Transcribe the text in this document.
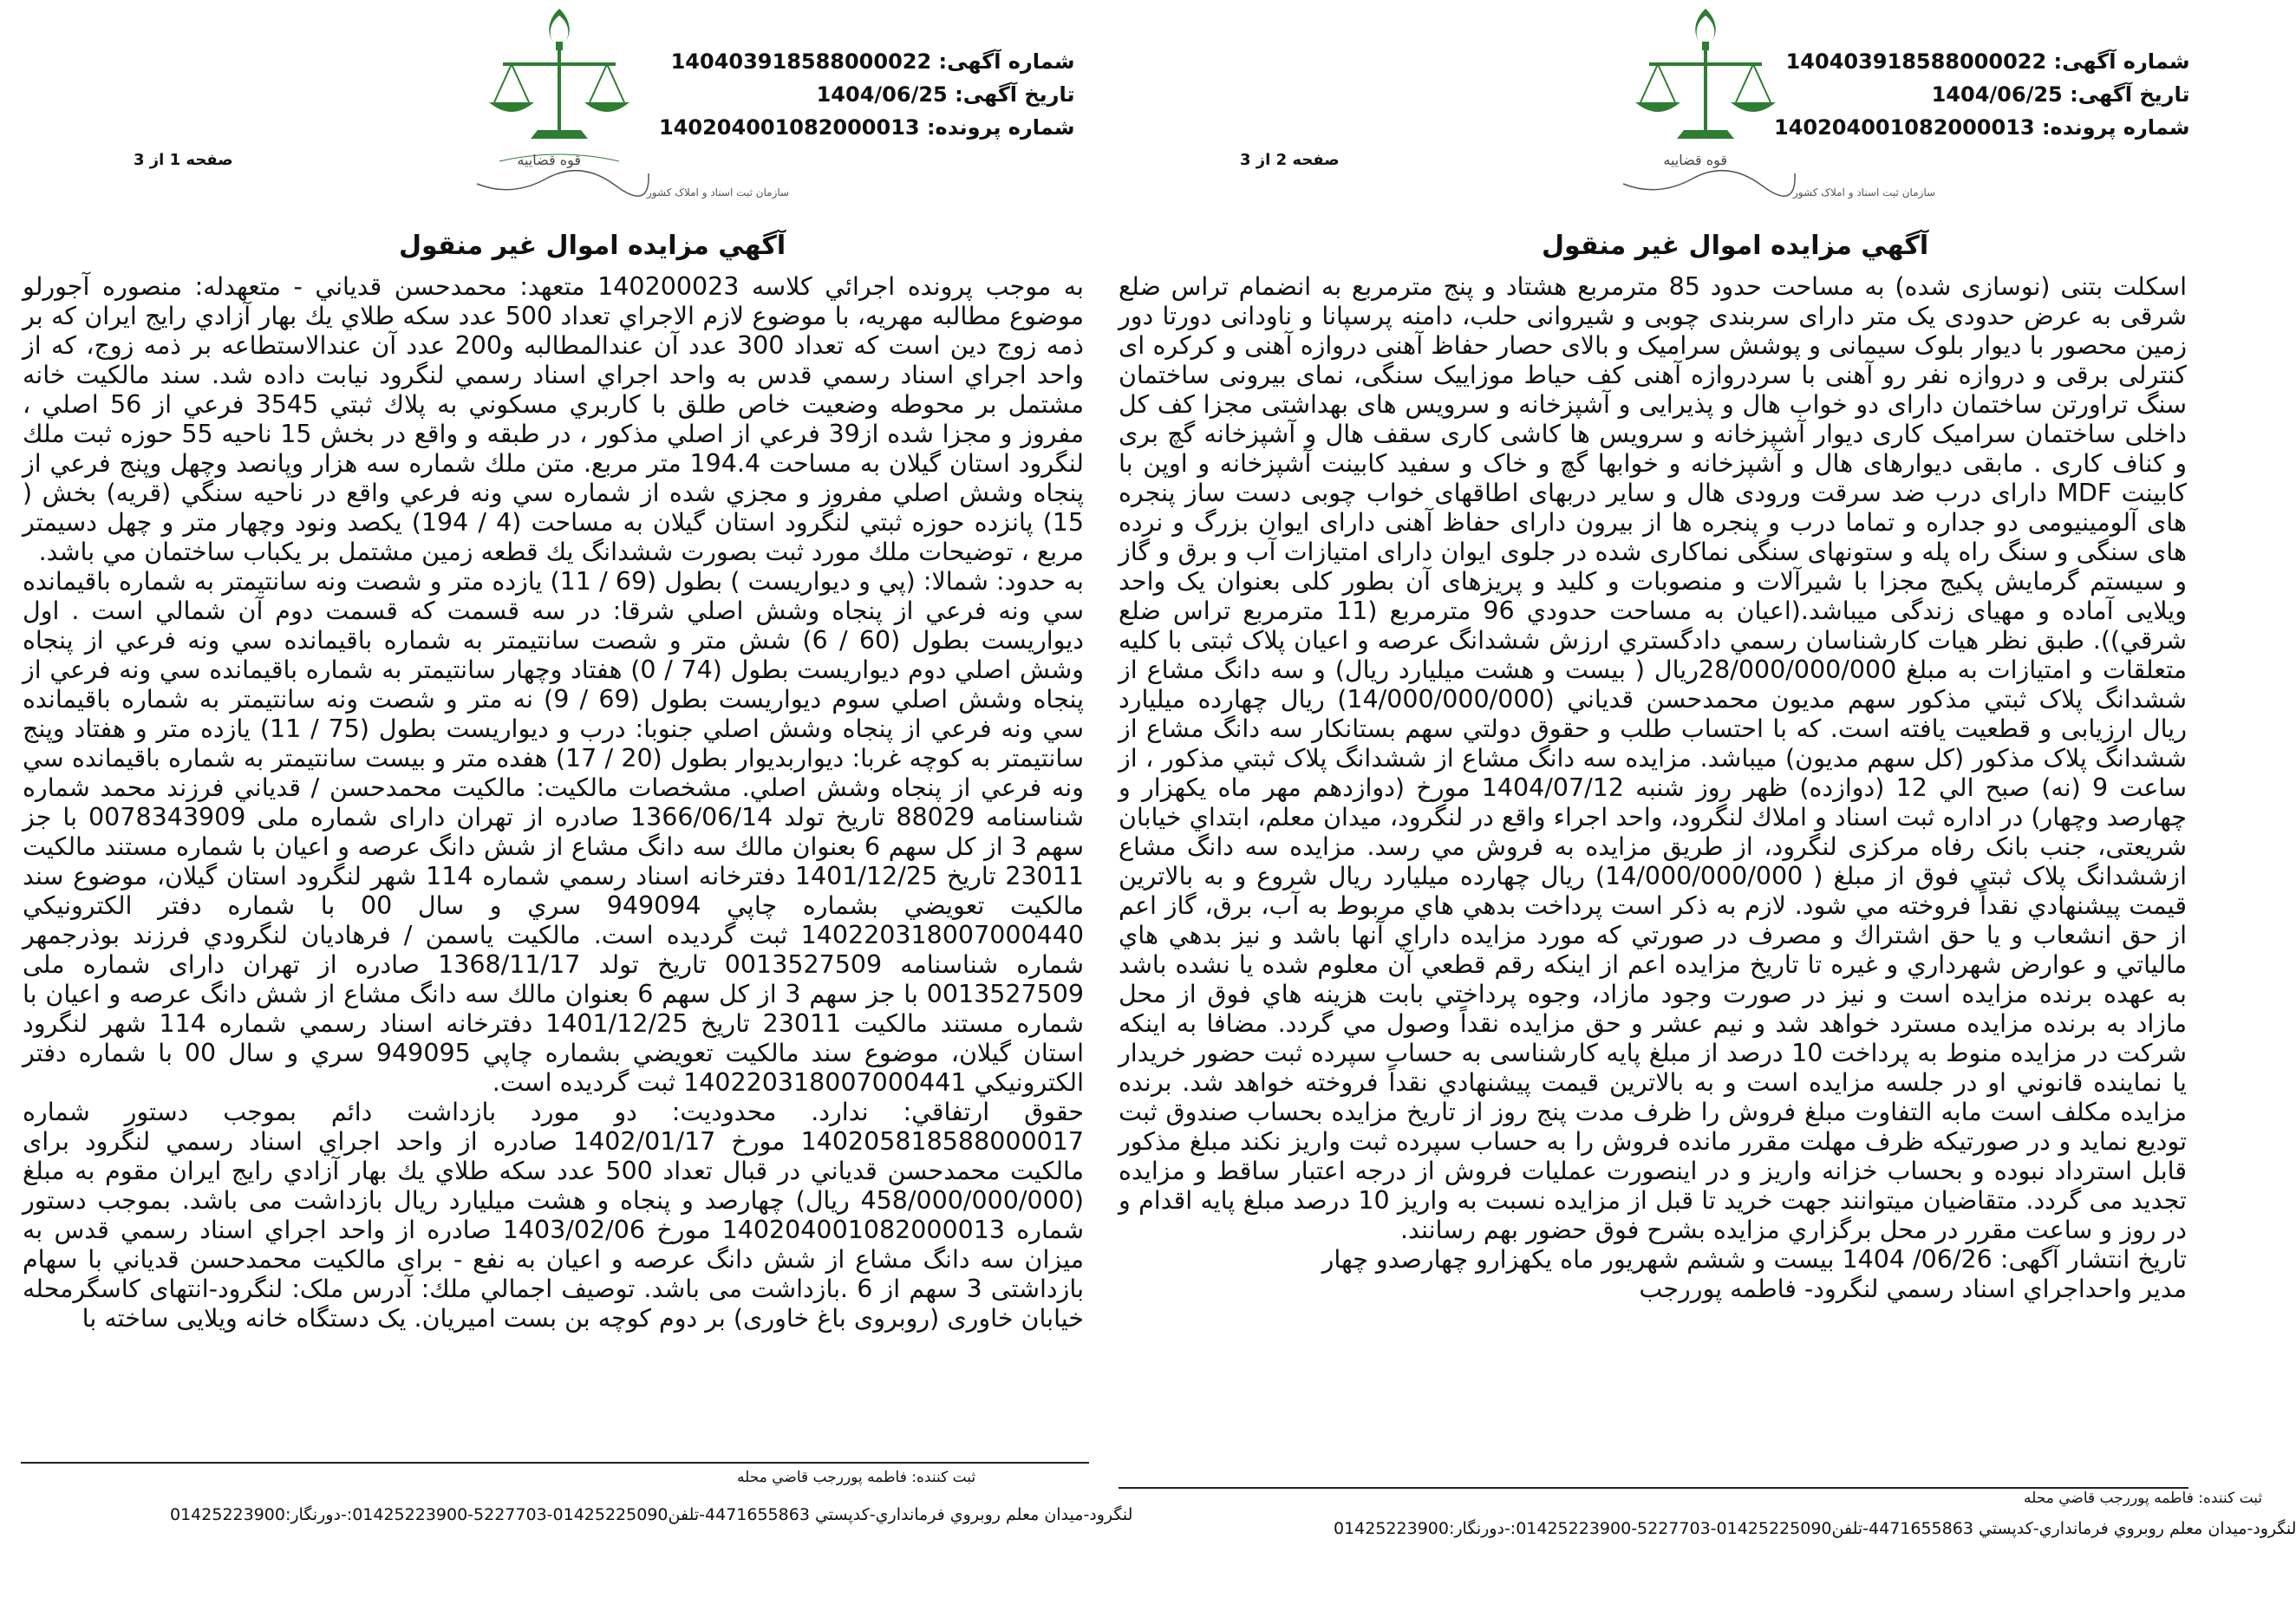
شماره آگهی: 140403918588000022
تاریخ آگهی: 1404/06/25
شماره پرونده: 140204001082000013
قوه قضاییه
سازمان ثبت اسناد و املاک کشور
صفحه 1 از 3
آگهي مزايده اموال غير منقول

به موجب پرونده اجرائي كلاسه 140200023 متعهد: محمدحسن قدياني - متعهدله: منصوره آجورلو موضوع مطالبه مهريه، با موضوع لازم الاجراي تعداد 500 عدد سكه طلاي يك بهار آزادي رايج ايران كه بر ذمه زوج دين است كه تعداد 300 عدد آن عندالمطالبه و200 عدد آن عندالاستطاعه بر ذمه زوج، كه از واحد اجراي اسناد رسمي قدس به واحد اجراي اسناد رسمي لنگرود نيابت داده شد. سند مالكيت خانه مشتمل بر محوطه وضعيت خاص طلق با كاربري مسكوني به پلاك ثبتي 3545 فرعي از 56 اصلي ، مفروز و مجزا شده از39 فرعي از اصلي مذكور ، در طبقه و واقع در بخش 15 ناحيه 55 حوزه ثبت ملك لنگرود استان گيلان به مساحت 194.4 متر مربع. متن ملك شماره سه هزار وپانصد وچهل وپنج فرعي از پنجاه وشش اصلي مفروز و مجزي شده از شماره سي ونه فرعي واقع در ناحيه سنگي (قريه) بخش ( 15) پانزده حوزه ثبتي لنگرود استان گيلان به مساحت (4 / 194) يكصد ونود وچهار متر و چهل دسيمتر مربع ، توضيحات ملك مورد ثبت بصورت ششدانگ يك قطعه زمين مشتمل بر يكباب ساختمان مي باشد.

به حدود: شمالا: (پي و ديواريست ) بطول (69 / 11) يازده متر و شصت ونه سانتيمتر به شماره باقيمانده سي ونه فرعي از پنجاه وشش اصلي شرقا: در سه قسمت كه قسمت دوم آن شمالي است . اول ديواريست بطول (60 / 6) شش متر و شصت سانتيمتر به شماره باقيمانده سي ونه فرعي از پنجاه وشش اصلي دوم ديواريست بطول (74 / 0) هفتاد وچهار سانتيمتر به شماره باقيمانده سي ونه فرعي از پنجاه وشش اصلي سوم ديواريست بطول (69 / 9) نه متر و شصت ونه سانتيمتر به شماره باقيمانده سي ونه فرعي از پنجاه وشش اصلي جنوبا: درب و ديواريست بطول (75 / 11) يازده متر و هفتاد وپنج سانتيمتر به كوچه غربا: ديواربديوار بطول (20 / 17) هفده متر و بيست سانتيمتر به شماره باقيمانده سي ونه فرعي از پنجاه وشش اصلي. مشخصات مالكيت: مالكيت محمدحسن / قدياني فرزند محمد شماره شناسنامه 88029 تاريخ تولد 1366/06/14 صادره از تهران داراى شماره ملی 0078343909 با جز سهم 3 از كل سهم 6 بعنوان مالك سه دانگ مشاع از شش دانگ عرصه و اعيان با شماره مستند مالكيت 23011 تاريخ 1401/12/25 دفترخانه اسناد رسمي شماره 114 شهر لنگرود استان گيلان، موضوع سند مالكيت تعويضي بشماره چاپي 949094 سري و سال 00 با شماره دفتر الكترونيكي 140220318007000440 ثبت گرديده است. مالكيت ياسمن / فرهاديان لنگرودي فرزند بوذرجمهر شماره شناسنامه 0013527509 تاريخ تولد 1368/11/17 صادره از تهران داراى شماره ملی 0013527509 با جز سهم 3 از كل سهم 6 بعنوان مالك سه دانگ مشاع از شش دانگ عرصه و اعيان با شماره مستند مالكيت 23011 تاريخ 1401/12/25 دفترخانه اسناد رسمي شماره 114 شهر لنگرود استان گيلان، موضوع سند مالكيت تعويضي بشماره چاپي 949095 سري و سال 00 با شماره دفتر الكترونيكي 140220318007000441 ثبت گرديده است.

حقوق ارتفاقي: ندارد. محدوديت: دو مورد بازداشت دائم بموجب دستور شماره 140205818588000017 مورخ 1402/01/17 صادره از واحد اجراي اسناد رسمي لنگرود براى مالكيت محمدحسن قدياني در قبال تعداد 500 عدد سكه طلاي يك بهار آزادي رايج ايران مقوم به مبلغ (458/000/000/000 ريال) چهارصد و پنجاه و هشت ميليارد ريال بازداشت می باشد. بموجب دستور شماره 140204001082000013 مورخ 1403/02/06 صادره از واحد اجراي اسناد رسمي قدس به ميزان سه دانگ مشاع از شش دانگ عرصه و اعيان به نفع - برای مالکیت محمدحسن قدياني با سهام بازداشتی 3 سهم از 6 .بازداشت می باشد. توصيف اجمالي ملك: آدرس ملک: لنگرود-انتهای کاسگرمحله خیابان خاوری (روبروی باغ خاوری) بر دوم کوچه بن بست امیریان. یک دستگاه خانه ویلایی ساخته با

ثبت کننده: فاطمه پوررجب قاضي محله
لنگرود-میدان معلم روبروي فرمانداري-كدپستي 4471655863-تلفن01425225090-5227703-01425223900:-دورنگار:01425223900
شماره آگهی: 140403918588000022
تاریخ آگهی: 1404/06/25
شماره پرونده: 140204001082000013
قوه قضاییه
سازمان ثبت اسناد و املاک کشور
صفحه 2 از 3
آگهي مزايده اموال غير منقول

اسکلت بتنی (نوسازی شده) به مساحت حدود 85 مترمربع هشتاد و پنج مترمربع به انضمام تراس ضلع شرقی به عرض حدودی یک متر دارای سربندی چوبی و شیروانی حلب، دامنه پرسپانا و ناودانی دورتا دور زمین محصور با دیوار بلوک سیمانی و پوشش سرامیک و بالای حصار حفاظ آهنی دروازه آهنی و کرکره ای کنترلی برقی و دروازه نفر رو آهنی با سردروازه آهنی کف حیاط موزاییک سنگی، نمای بیرونی ساختمان سنگ تراورتن ساختمان دارای دو خواب هال و پذیرایی و آشپزخانه و سرویس های بهداشتی مجزا کف کل داخلی ساختمان سرامیک کاری دیوار آشپزخانه و سرویس ها کاشی کاری سقف هال و آشپزخانه گچ بری و کناف کاری . مابقی دیوارهای هال و آشپزخانه و خوابها گچ و خاک و سفید کابینت آشپزخانه و اوپن با کابینت MDF دارای درب ضد سرقت ورودی هال و سایر دربهای اطاقهای خواب چوبی دست ساز پنجره های آلومینیومی دو جداره و تماما درب و پنجره ها از بیرون دارای حفاظ آهنی دارای ایوان بزرگ و نرده های سنگی و سنگ راه پله و ستونهای سنگی نماکاری شده در جلوی ایوان دارای امتیازات آب و برق و گاز و سیستم گرمایش پکیج مجزا با شیرآلات و منصوبات و کلید و پریزهای آن بطور کلی بعنوان یک واحد ویلایی آماده و مهیای زندگی میباشد.(اعیان به مساحت حدودي 96 مترمربع (11 مترمربع تراس ضلع شرقي)). طبق نظر هيات كارشناسان رسمي دادگستري ارزش ششدانگ عرصه و اعيان پلاک ثبتی با كليه متعلقات و امتيازات به مبلغ 28/000/000/000ريال ( بيست و هشت ميليارد ريال) و سه دانگ مشاع از ششدانگ پلاک ثبتي مذكور سهم مديون محمدحسن قدياني (14/000/000/000) ريال چهارده ميليارد ريال ارزيابی و قطعيت يافته است. كه با احتساب طلب و حقوق دولتي سهم بستانكار سه دانگ مشاع از ششدانگ پلاک مذكور (كل سهم مديون) ميباشد. مزايده سه دانگ مشاع از ششدانگ پلاک ثبتي مذكور ، از ساعت 9 (نه) صبح الي 12 (دوازده) ظهر روز شنبه 1404/07/12 مورخ (دوازدهم مهر ماه يكهزار و چهارصد وچهار) در اداره ثبت اسناد و املاك لنگرود، واحد اجراء واقع در لنگرود، ميدان معلم، ابتداي خيابان شريعتی، جنب بانک رفاه مرکزی لنگرود، از طريق مزايده به فروش مي رسد. مزايده سه دانگ مشاع ازششدانگ پلاک ثبتي فوق از مبلغ ( 14/000/000/000) ريال چهارده ميليارد ريال شروع و به بالاترين قيمت پيشنهادي نقداً فروخته مي شود. لازم به ذكر است پرداخت بدهي هاي مربوط به آب، برق، گاز اعم از حق انشعاب و يا حق اشتراك و مصرف در صورتي كه مورد مزايده داراي آنها باشد و نيز بدهي هاي مالياتي و عوارض شهرداري و غيره تا تاريخ مزايده اعم از اينكه رقم قطعي آن معلوم شده يا نشده باشد به عهده برنده مزايده است و نيز در صورت وجود مازاد، وجوه پرداختي بابت هزينه هاي فوق از محل مازاد به برنده مزايده مسترد خواهد شد و نيم عشر و حق مزايده نقداً وصول مي گردد. مضافا به اينكه شركت در مزايده منوط به پرداخت 10 درصد از مبلغ پايه كارشناسی به حساب سپرده ثبت حضور خريدار يا نماينده قانوني او در جلسه مزايده است و به بالاترين قيمت پيشنهادي نقداً فروخته خواهد شد. برنده مزايده مكلف است مابه التفاوت مبلغ فروش را ظرف مدت پنج روز از تاريخ مزايده بحساب صندوق ثبت توديع نمايد و در صورتيكه ظرف مهلت مقرر مانده فروش را به حساب سپرده ثبت واريز نكند مبلغ مذكور قابل استرداد نبوده و بحساب خزانه واريز و در اينصورت عمليات فروش از درجه اعتبار ساقط و مزايده تجديد می گردد. متقاضيان ميتوانند جهت خريد تا قبل از مزايده نسبت به واريز 10 درصد مبلغ پايه اقدام و در روز و ساعت مقرر در محل برگزاري مزايده بشرح فوق حضور بهم رسانند.

تاريخ انتشار آگهی: 06/26/ 1404 بيست و ششم شهريور ماه يكهزارو چهارصدو چهار

مدير واحداجراي اسناد رسمي لنگرود- فاطمه پوررجب

ثبت کننده: فاطمه پوررجب قاضي محله
لنگرود-میدان معلم روبروي فرمانداري-كدپستي 4471655863-تلفن01425225090-5227703-01425223900:-دورنگار:01425223900
